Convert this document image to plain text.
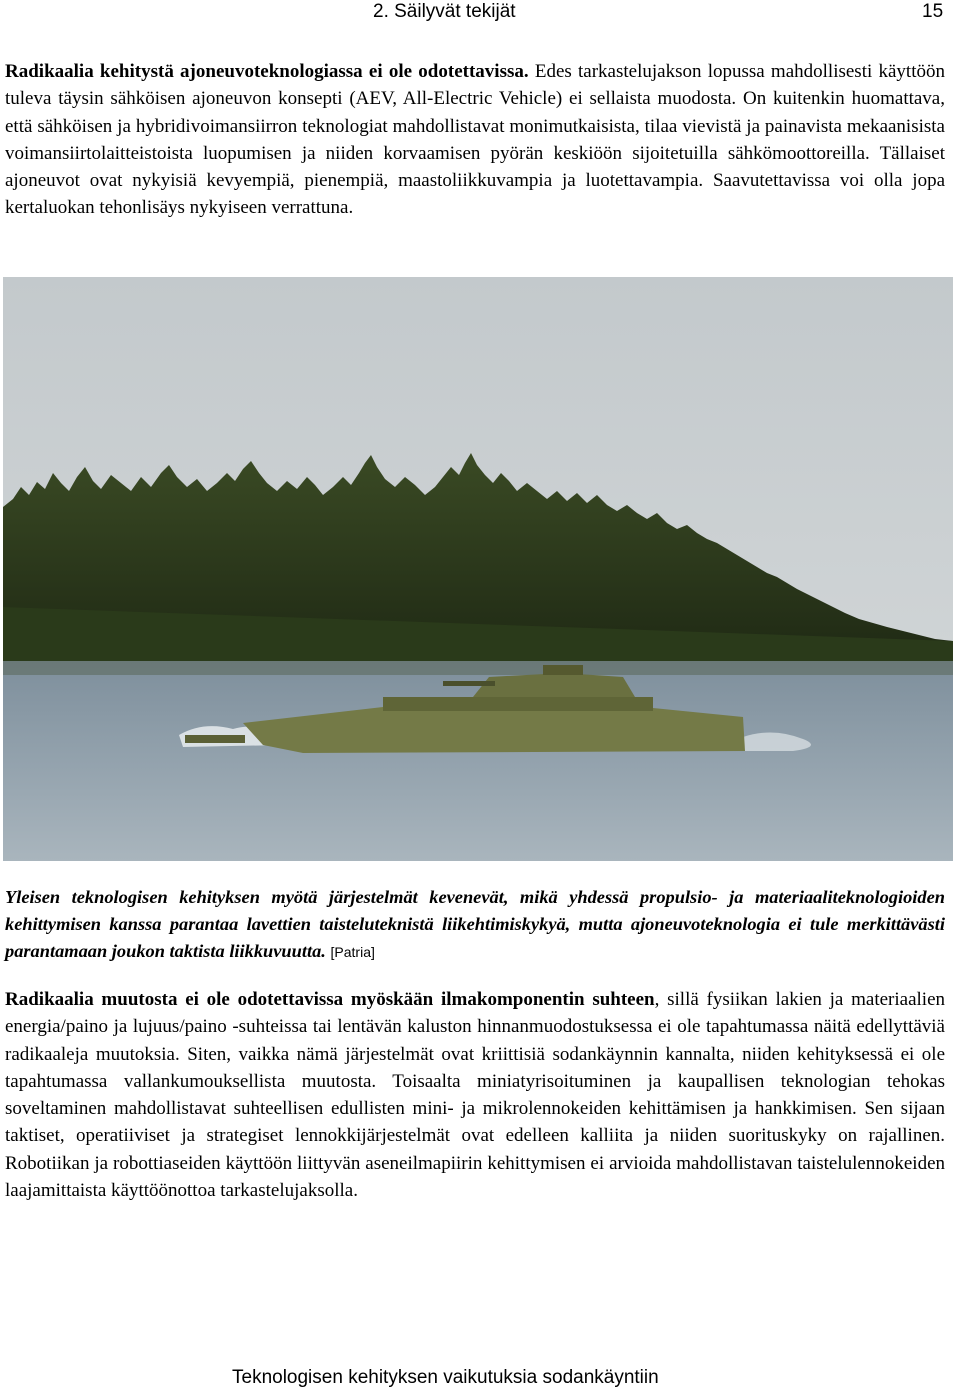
2. Säilyvät tekijät	15

Radikaalia kehitystä ajoneuvoteknologiassa ei ole odotettavissa. Edes tarkastelujakson lopussa mahdollisesti käyttöön tuleva täysin sähköisen ajoneuvon konsepti (AEV, All-Electric Vehicle) ei sellaista muodosta. On kuitenkin huomattava, että sähköisen ja hybridivoimansiirron teknologiat mahdollistavat monimutkaisista, tilaa vievistä ja painavista mekaanisista voimansiirtolaitteistoista luopumisen ja niiden korvaamisen pyörän keskiöön sijoitetuilla sähkömoottoreilla. Tällaiset ajoneuvot ovat nykyisiä kevyempiä, pienempiä, maastoliikkuvampia ja luotettavampia. Saavutettavissa voi olla jopa kertaluokan tehonlisäys nykyiseen verrattuna.

Yleisen teknologisen kehityksen myötä järjestelmät kevenevät, mikä yhdessä propulsio- ja materiaaliteknologioiden kehittymisen kanssa parantaa lavettien taisteluteknistä liikehtimiskykyä, mutta ajoneuvoteknologia ei tule merkittävästi parantamaan joukon taktista liikkuvuutta. [Patria]

Radikaalia muutosta ei ole odotettavissa myöskään ilmakomponentin suhteen, sillä fysiikan lakien ja materiaalien energia/paino ja lujuus/paino -suhteissa tai lentävän kaluston hinnanmuodostuksessa ei ole tapahtumassa näitä edellyttäviä radikaaleja muutoksia. Siten, vaikka nämä järjestelmät ovat kriittisiä sodankäynnin kannalta, niiden kehityksessä ei ole tapahtumassa vallankumouksellista muutosta. Toisaalta miniatyrisoituminen ja kaupallisen teknologian tehokas soveltaminen mahdollistavat suhteellisen edullisten mini- ja mikrolennokeiden kehittämisen ja hankkimisen. Sen sijaan taktiset, operatiiviset ja strategiset lennokkijärjestelmät ovat edelleen kalliita ja niiden suorituskyky on rajallinen. Robotiikan ja robottiaseiden käyttöön liittyvän aseneilmapiirin kehittymisen ei arvioida mahdollistavan taistelulennokeiden laajamittaista käyttöönottoa tarkastelujaksolla.

Teknologisen kehityksen vaikutuksia sodankäyntiin
